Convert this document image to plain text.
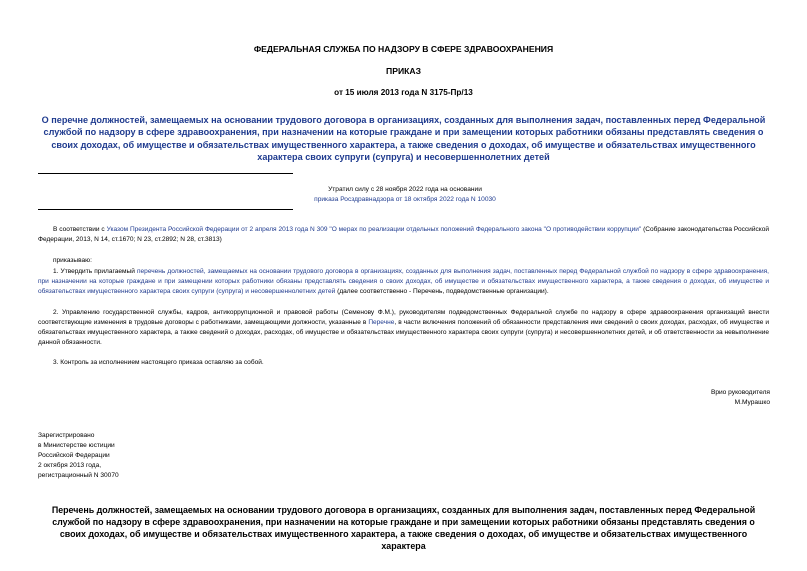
ФЕДЕРАЛЬНАЯ СЛУЖБА ПО НАДЗОРУ В СФЕРЕ ЗДРАВООХРАНЕНИЯ
ПРИКАЗ
от 15 июля 2013 года N 3175-Пр/13
О перечне должностей, замещаемых на основании трудового договора в организациях, созданных для выполнения задач, поставленных перед Федеральной службой по надзору в сфере здравоохранения, при назначении на которые граждане и при замещении которых работники обязаны представлять сведения о своих доходах, об имуществе и обязательствах имущественного характера, а также сведения о доходах, об имуществе и обязательствах имущественного характера своих супруги (супруга) и несовершеннолетних детей
Утратил силу с 28 ноября 2022 года на основании
приказа Росздравнадзора от 18 октября 2022 года N 10030
В соответствии с Указом Президента Российской Федерации от 2 апреля 2013 года N 309 "О мерах по реализации отдельных положений Федерального закона "О противодействии коррупции" (Собрание законодательства Российской Федерации, 2013, N 14, ст.1670; N 23, ст.2892; N 28, ст.3813)
приказываю:
1. Утвердить прилагаемый перечень должностей, замещаемых на основании трудового договора в организациях, созданных для выполнения задач, поставленных перед Федеральной службой по надзору в сфере здравоохранения, при назначении на которые граждане и при замещении которых работники обязаны представлять сведения о своих доходах, об имуществе и обязательствах имущественного характера, а также сведения о доходах, об имуществе и обязательствах имущественного характера своих супруги (супруга) и несовершеннолетних детей (далее соответственно - Перечень, подведомственные организации).
2. Управлению государственной службы, кадров, антикоррупционной и правовой работы (Семенову Ф.М.), руководителям подведомственных Федеральной службе по надзору в сфере здравоохранения организаций внести соответствующие изменения в трудовые договоры с работниками, замещающими должности, указанные в Перечне, в части включения положений об обязанности представления ими сведений о своих доходах, расходах, об имуществе и обязательствах имущественного характера, а также сведений о доходах, расходах, об имуществе и обязательствах имущественного характера своих супруги (супруга) и несовершеннолетних детей, и об ответственности за невыполнение данной обязанности.
3. Контроль за исполнением настоящего приказа оставляю за собой.
Врио руководителя
М.Мурашко
Зарегистрировано
в Министерстве юстиции
Российской Федерации
2 октября 2013 года,
регистрационный N 30070
Перечень должностей, замещаемых на основании трудового договора в организациях, созданных для выполнения задач, поставленных перед Федеральной службой по надзору в сфере здравоохранения, при назначении на которые граждане и при замещении которых работники обязаны представлять сведения о своих доходах, об имуществе и обязательствах имущественного характера, а также сведения о доходах, об имуществе и обязательствах имущественного характера
